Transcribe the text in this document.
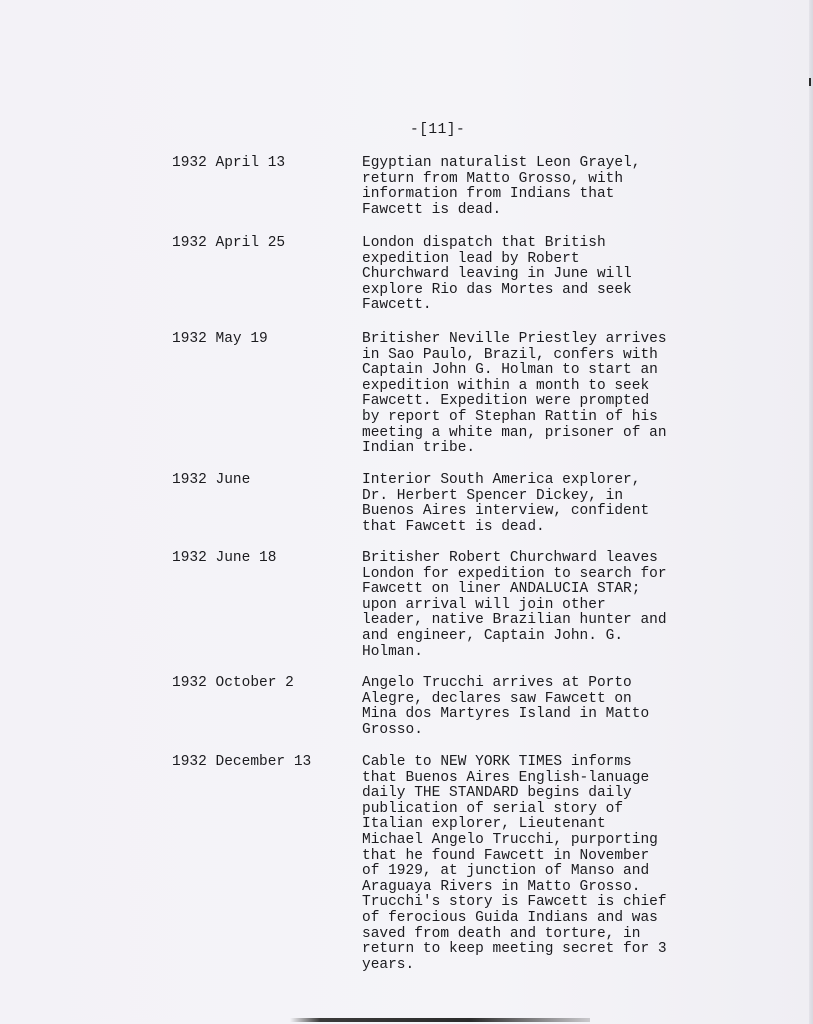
-[11]-
1932 April 13	Egyptian naturalist Leon Grayel,
return from Matto Grosso, with
information from Indians that
Fawcett is dead.
1932 April 25	London dispatch that British
expedition lead by Robert
Churchward leaving in June will
explore Rio das Mortes and seek
Fawcett.
1932 May 19	Britisher Neville Priestley arrives
in Sao Paulo, Brazil, confers with
Captain John G. Holman to start an
expedition within a month to seek
Fawcett. Expedition were prompted
by report of Stephan Rattin of his
meeting a white man, prisoner of an
Indian tribe.
1932 June	Interior South America explorer,
Dr. Herbert Spencer Dickey, in
Buenos Aires interview, confident
that Fawcett is dead.
1932 June 18	Britisher Robert Churchward leaves
London for expedition to search for
Fawcett on liner ANDALUCIA STAR;
upon arrival will join other
leader, native Brazilian hunter and
and engineer, Captain John. G.
Holman.
1932 October 2	Angelo Trucchi arrives at Porto
Alegre, declares saw Fawcett on
Mina dos Martyres Island in Matto
Grosso.
1932 December 13	Cable to NEW YORK TIMES informs
that Buenos Aires English-lanuage
daily THE STANDARD begins daily
publication of serial story of
Italian explorer, Lieutenant
Michael Angelo Trucchi, purporting
that he found Fawcett in November
of 1929, at junction of Manso and
Araguaya Rivers in Matto Grosso.
Trucchi's story is Fawcett is chief
of ferocious Guida Indians and was
saved from death and torture, in
return to keep meeting secret for 3
years.
